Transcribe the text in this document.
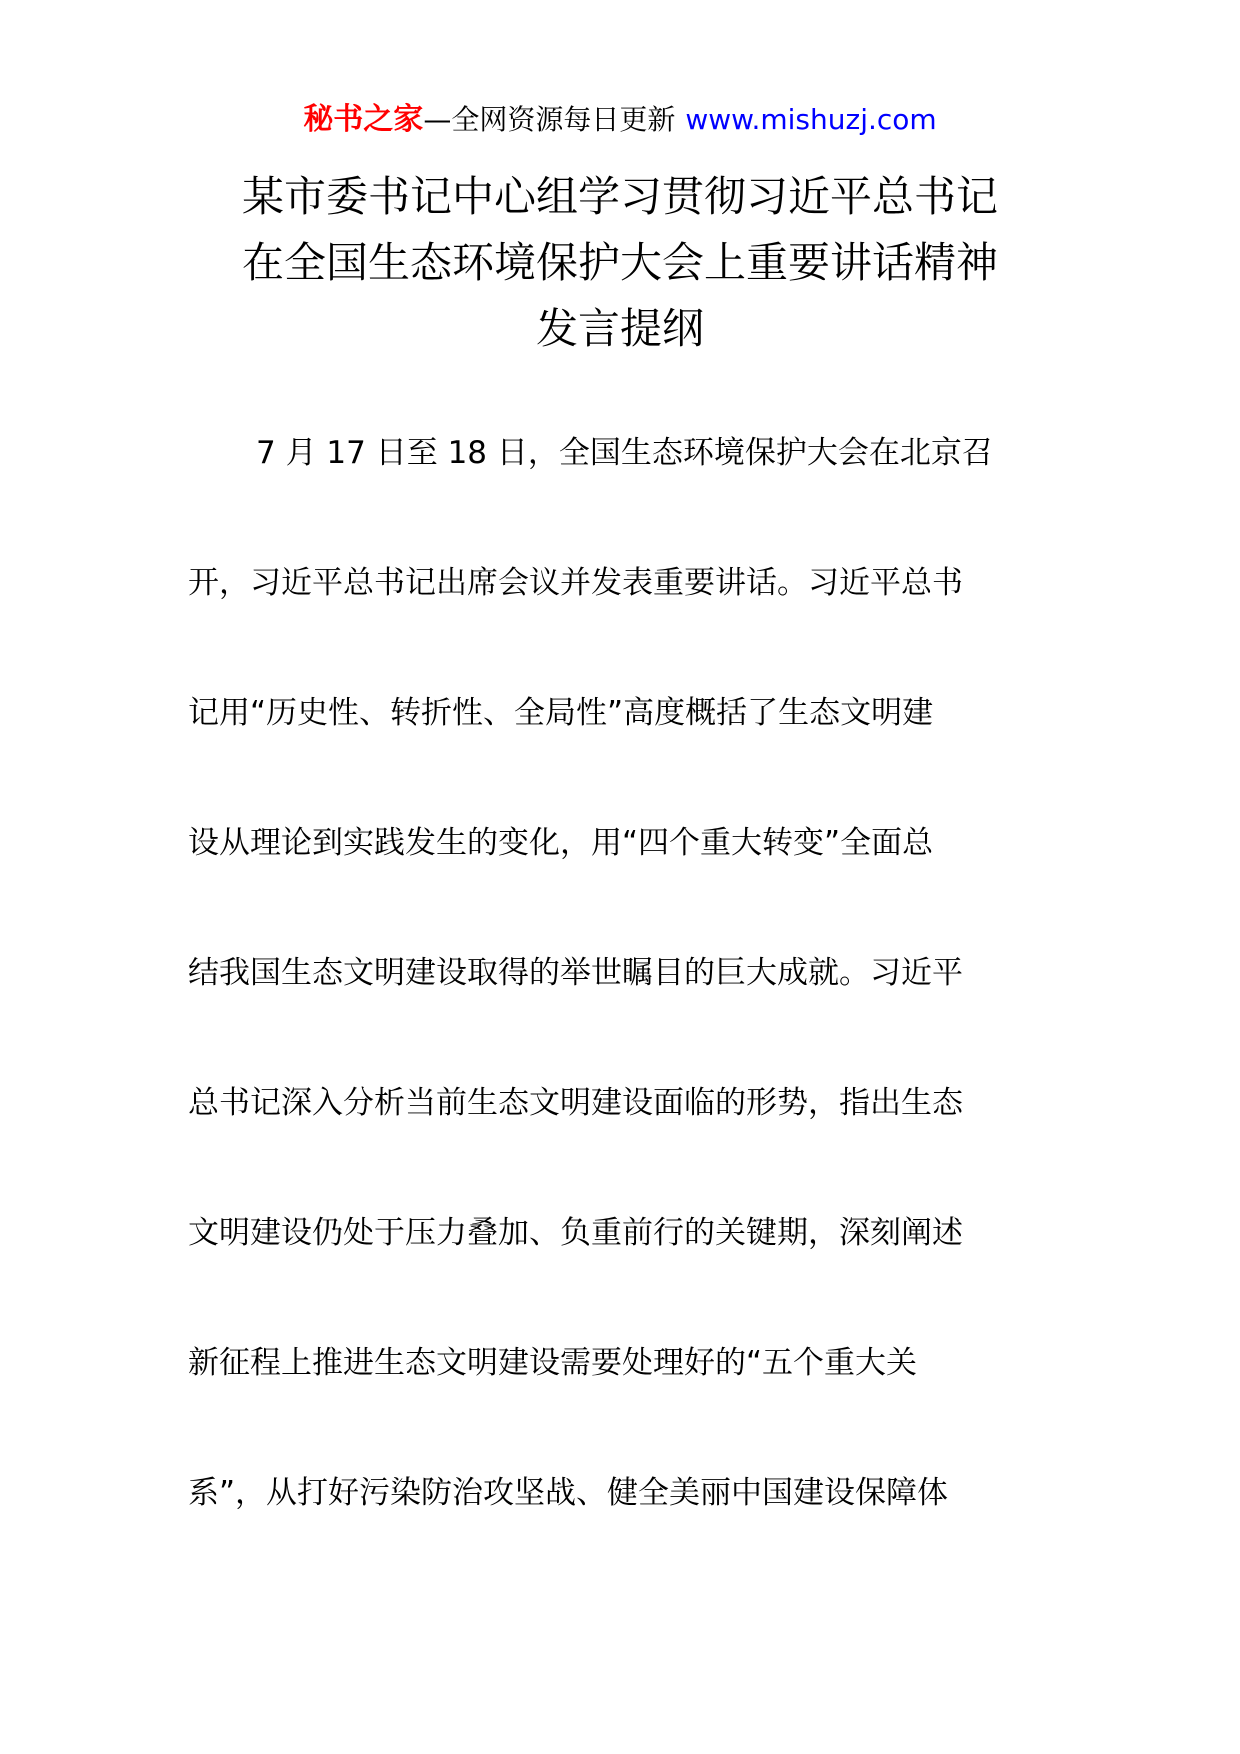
秘书之家—全网资源每日更新 www.mishuzj.com
某市委书记中心组学习贯彻习近平总书记
在全国生态环境保护大会上重要讲话精神
发言提纲
7 月 17 日至 18 日，全国生态环境保护大会在北京召
开，习近平总书记出席会议并发表重要讲话。习近平总书
记用“历史性、转折性、全局性”高度概括了生态文明建
设从理论到实践发生的变化，用“四个重大转变”全面总
结我国生态文明建设取得的举世瞩目的巨大成就。习近平
总书记深入分析当前生态文明建设面临的形势，指出生态
文明建设仍处于压力叠加、负重前行的关键期，深刻阐述
新征程上推进生态文明建设需要处理好的“五个重大关
系”，从打好污染防治攻坚战、健全美丽中国建设保障体
